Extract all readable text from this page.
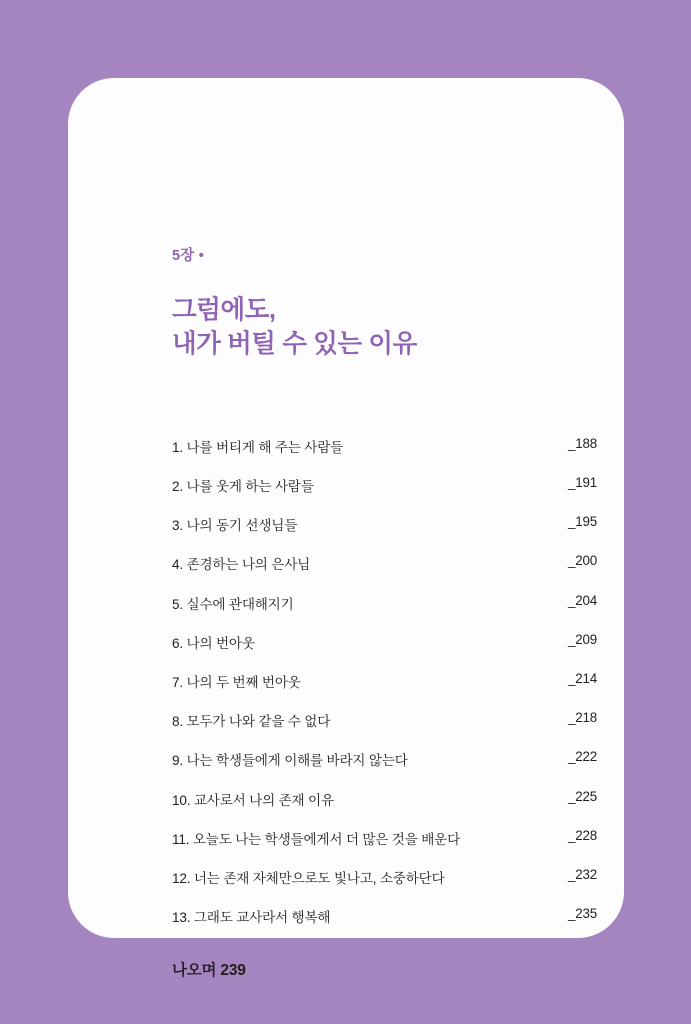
5장 •
그럼에도,
내가 버틸 수 있는 이유
1. 나를 버티게 해 주는 사람들	_188
2. 나를 웃게 하는 사람들	_191
3. 나의 동기 선생님들	_195
4. 존경하는 나의 은사님	_200
5. 실수에 관대해지기	_204
6. 나의 번아웃	_209
7. 나의 두 번째 번아웃	_214
8. 모두가 나와 같을 수 없다	_218
9. 나는 학생들에게 이해를 바라지 않는다	_222
10. 교사로서 나의 존재 이유	_225
11. 오늘도 나는 학생들에게서 더 많은 것을 배운다	_228
12. 너는 존재 자체만으로도 빛나고, 소중하단다	_232
13. 그래도 교사라서 행복해	_235
나오며 239
